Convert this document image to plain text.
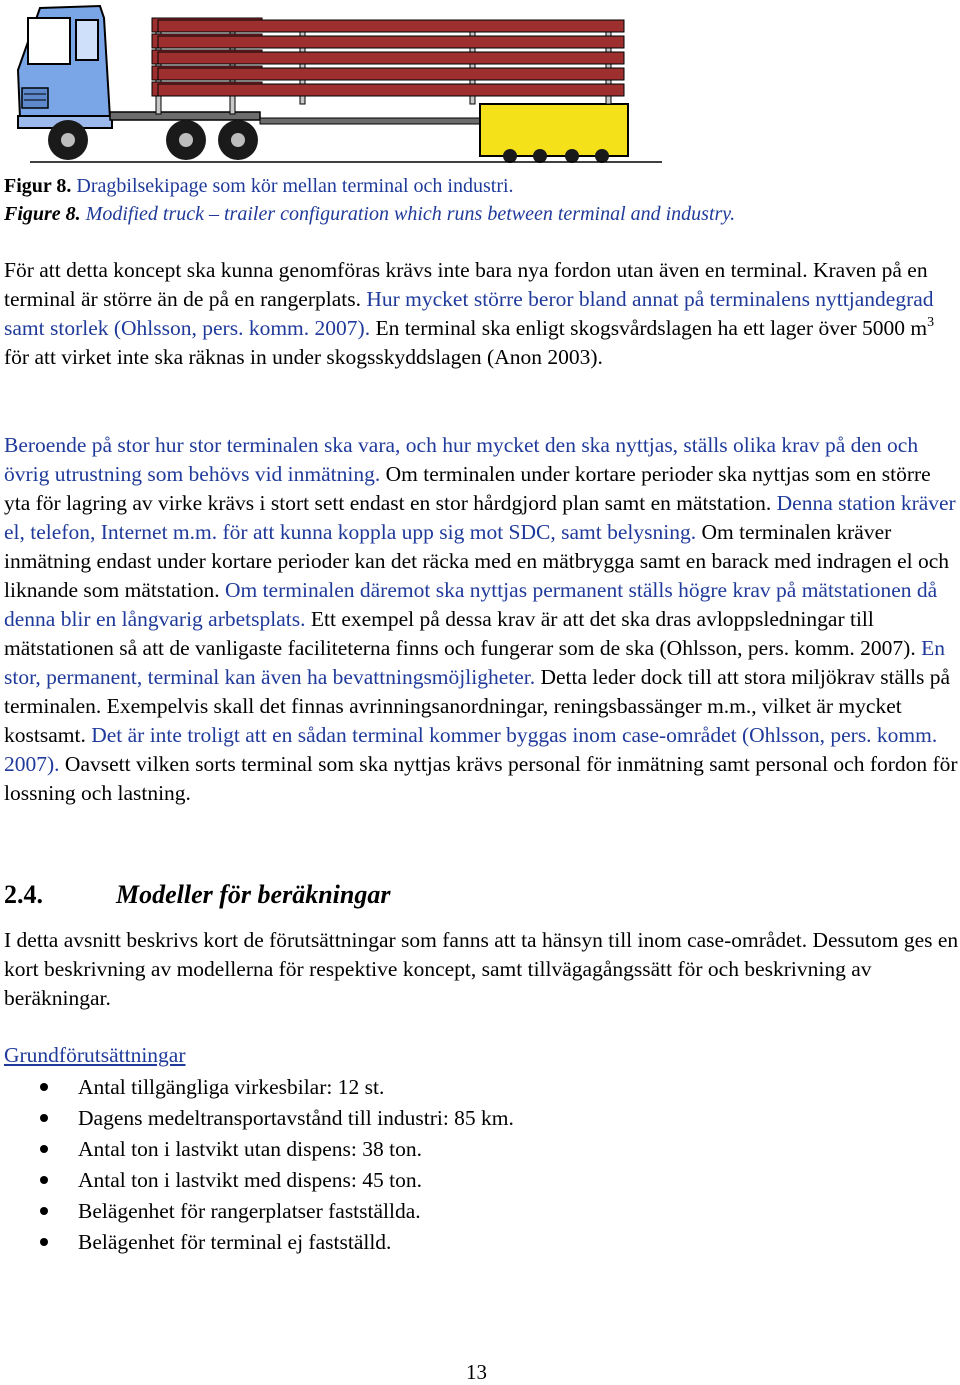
Figur 8. Dragbilsekipage som kör mellan terminal och industri.
Figure 8. Modified truck – trailer configuration which runs between terminal and industry.

För att detta koncept ska kunna genomföras krävs inte bara nya fordon utan även en terminal. Kraven på en terminal är större än de på en rangerplats. Hur mycket större beror bland annat på terminalens nyttjandegrad samt storlek (Ohlsson, pers. komm. 2007). En terminal ska enligt skogsvårdslagen ha ett lager över 5000 $m^3$ för att virket inte ska räknas in under skogsskyddslagen (Anon 2003).

Beroende på stor hur stor terminalen ska vara, och hur mycket den ska nyttjas, ställs olika krav på den och övrig utrustning som behövs vid inmätning. Om terminalen under kortare perioder ska nyttjas som en större yta för lagring av virke krävs i stort sett endast en stor hårdgjord plan samt en mätstation. Denna station kräver el, telefon, Internet m.m. för att kunna koppla upp sig mot SDC, samt belysning. Om terminalen kräver inmätning endast under kortare perioder kan det räcka med en mätbrygga samt en barack med indragen el och liknande som mätstation. Om terminalen däremot ska nyttjas permanent ställs högre krav på mätstationen då denna blir en långvarig arbetsplats. Ett exempel på dessa krav är att det ska dras avloppsledningar till mätstationen så att de vanligaste faciliteterna finns och fungerar som de ska (Ohlsson, pers. komm. 2007). En stor, permanent, terminal kan även ha bevattningsmöjligheter. Detta leder dock till att stora miljökrav ställs på terminalen. Exempelvis skall det finnas avrinningsanordningar, reningsbassänger m.m., vilket är mycket kostsamt. Det är inte troligt att en sådan terminal kommer byggas inom case-området (Ohlsson, pers. komm. 2007). Oavsett vilken sorts terminal som ska nyttjas krävs personal för inmätning samt personal och fordon för lossning och lastning.

2.4.	Modeller för beräkningar

I detta avsnitt beskrivs kort de förutsättningar som fanns att ta hänsyn till inom case-området. Dessutom ges en kort beskrivning av modellerna för respektive koncept, samt tillvägagångssätt för och beskrivning av beräkningar.

Grundförutsättningar
Antal tillgängliga virkesbilar: 12 st.
Dagens medeltransportavstånd till industri: 85 km.
Antal ton i lastvikt utan dispens: 38 ton.
Antal ton i lastvikt med dispens: 45 ton.
Belägenhet för rangerplatser fastställda.
Belägenhet för terminal ej fastställd.
13
